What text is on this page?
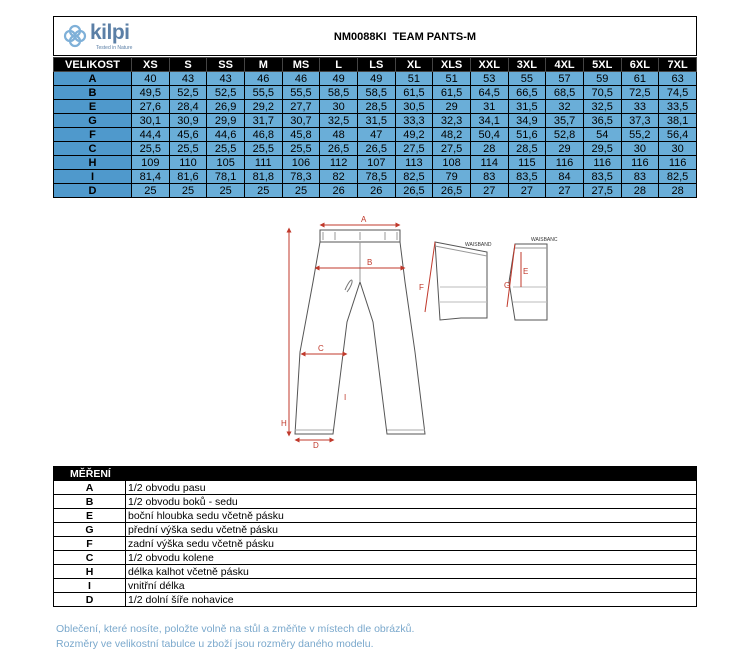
kilpi
Tested in Nature
NM0088KI  TEAM PANTS-M
VELIKOST	XS	S	SS	M	MS	L	LS	XL	XLS	XXL	3XL	4XL	5XL	6XL	7XL
A	40	43	43	46	46	49	49	51	51	53	55	57	59	61	63
B	49,5	52,5	52,5	55,5	55,5	58,5	58,5	61,5	61,5	64,5	66,5	68,5	70,5	72,5	74,5
E	27,6	28,4	26,9	29,2	27,7	30	28,5	30,5	29	31	31,5	32	32,5	33	33,5
G	30,1	30,9	29,9	31,7	30,7	32,5	31,5	33,3	32,3	34,1	34,9	35,7	36,5	37,3	38,1
F	44,4	45,6	44,6	46,8	45,8	48	47	49,2	48,2	50,4	51,6	52,8	54	55,2	56,4
C	25,5	25,5	25,5	25,5	25,5	26,5	26,5	27,5	27,5	28	28,5	29	29,5	30	30
H	109	110	105	111	106	112	107	113	108	114	115	116	116	116	116
I	81,4	81,6	78,1	81,8	78,3	82	78,5	82,5	79	83	83,5	84	83,5	83	82,5
D	25	25	25	25	25	26	26	26,5	26,5	27	27	27	27,5	28	28
A
B
C
D
H
I
F
WAISBAND
E
G
WAISBANC
MĚŘENÍ	
A	1/2 obvodu pasu
B	1/2 obvodu boků - sedu
E	boční hloubka sedu včetně pásku
G	přední výška sedu včetně pásku
F	zadní výška sedu včetně pásku
C	1/2 obvodu kolene
H	délka kalhot včetně pásku
I	vnitřní délka
D	1/2 dolní šíře nohavice
Oblečení, které nosíte, položte volně na stůl a změňte v místech dle obrázků.
Rozměry ve velikostní tabulce u zboží jsou rozměry daného modelu.
